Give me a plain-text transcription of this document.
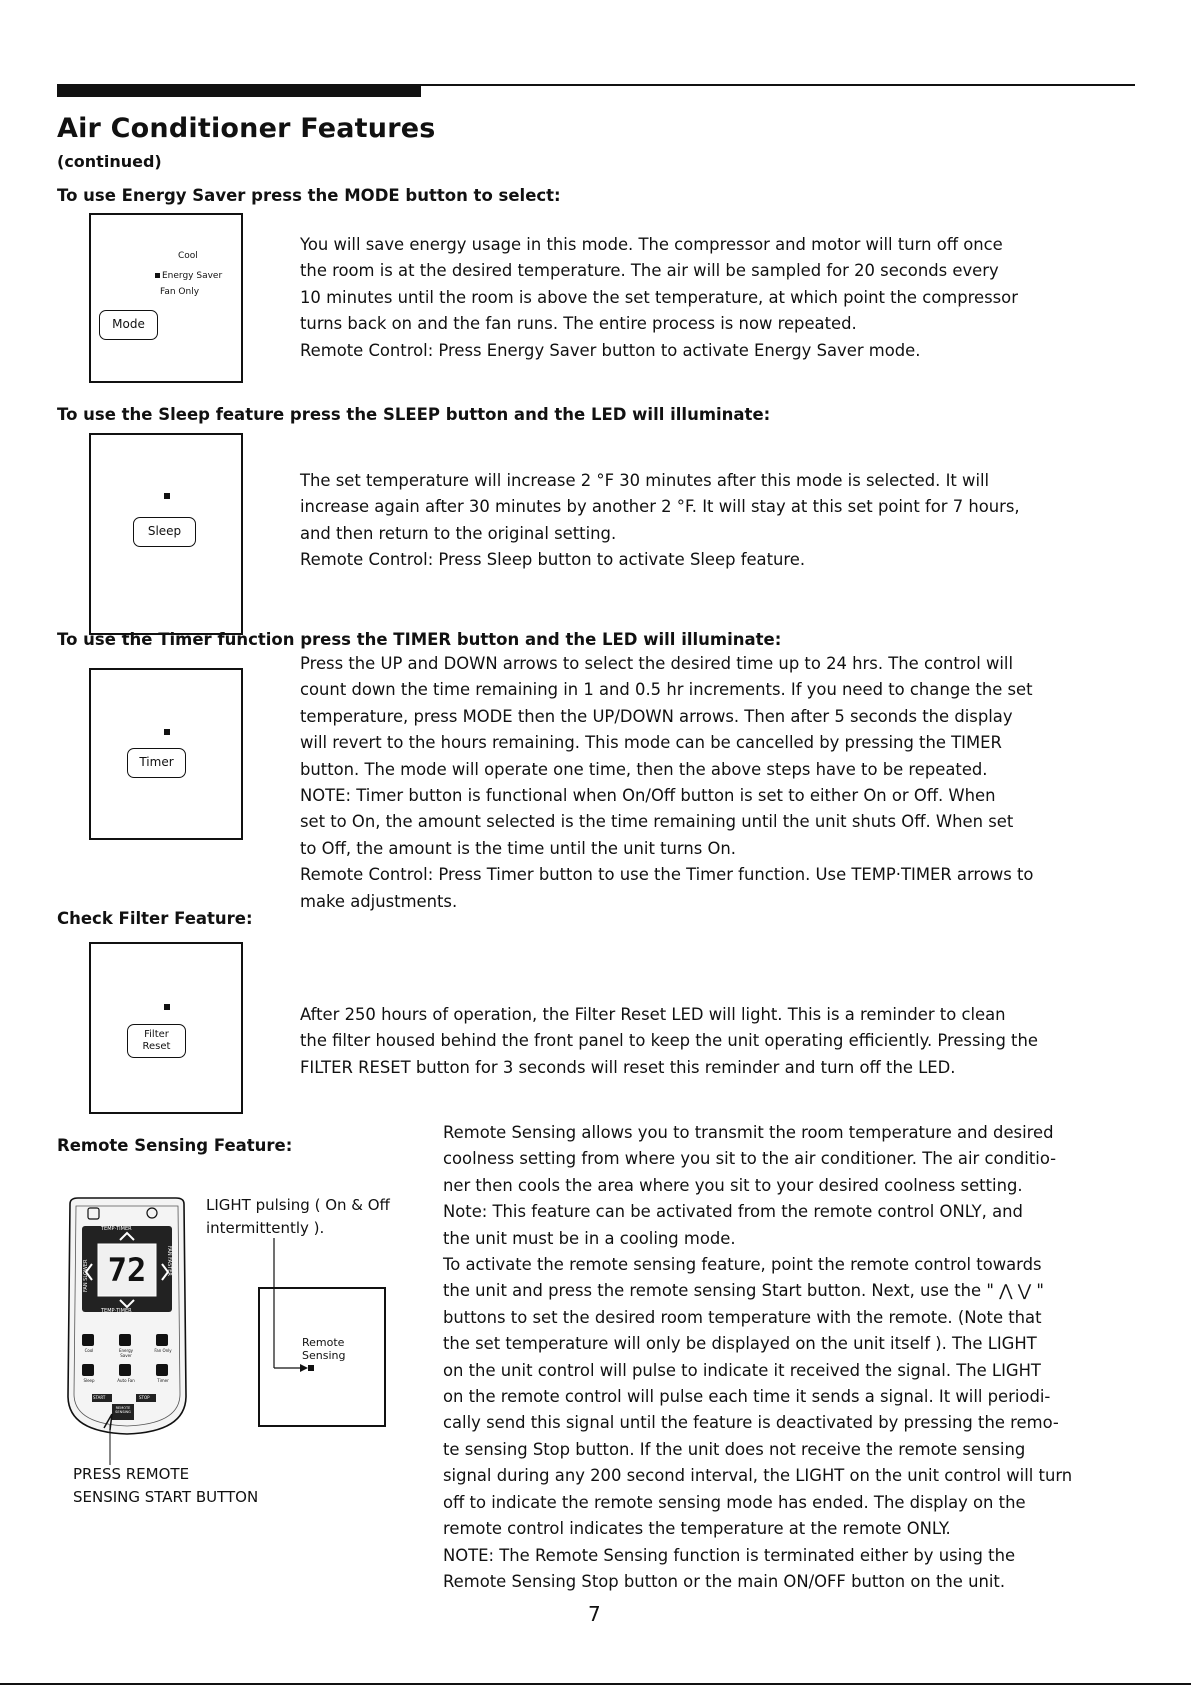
Air Conditioner Features
(continued)
To use Energy Saver press the MODE button to select:
Cool
Energy Saver
Fan Only
Mode

You will save energy usage in this mode. The compressor and motor will turn off once

the room is at the desired temperature. The air will be sampled for 20 seconds every

10 minutes until the room is above the set temperature, at which point the compressor

turns back on and the fan runs. The entire process is now repeated.

Remote Control: Press Energy Saver button to activate Energy Saver mode.

To use the Sleep feature press the SLEEP button and the LED will illuminate:
Sleep

The set temperature will increase 2 °F 30 minutes after this mode is selected. It will

increase again after 30 minutes by another 2 °F. It will stay at this set point for 7 hours,

and then return to the original setting.

Remote Control: Press Sleep button to activate Sleep feature.

To use the Timer function press the TIMER button and the LED will illuminate:
Timer

Press the UP and DOWN arrows to select the desired time up to 24 hrs. The control will

count down the time remaining in 1 and 0.5 hr increments. If you need to change the set

temperature, press MODE then the UP/DOWN arrows. Then after 5 seconds the display

will revert to the hours remaining. This mode can be cancelled by pressing the TIMER

button. The mode will operate one time, then the above steps have to be repeated.

NOTE: Timer button is functional when On/Off button is set to either On or Off. When

set to On, the amount selected is the time remaining until the unit shuts Off. When set

to Off, the amount is the time until the unit turns On.

Remote Control: Press Timer button to use the Timer function. Use TEMP·TIMER arrows to

make adjustments.

Check Filter Feature:
Filter
Reset

After 250 hours of operation, the Filter Reset LED will light. This is a reminder to clean

the filter housed behind the front panel to keep the unit operating efficiently. Pressing the

FILTER RESET button for 3 seconds will reset this reminder and turn off the LED.

Remote Sensing Feature:
TEMP·TIMER
TEMP·TIMER
FAN SLOWER	FAN FASTER
72
Cool	Energy Saver
Fan Only
Sleep	Auto Fan	Timer
START	STOP
REMOTE SENSING
LIGHT pulsing ( On & Off
intermittently ).
Remote
Sensing
PRESS REMOTE
SENSING START BUTTON

Remote Sensing allows you to transmit the room temperature and desired

coolness setting from where you sit to the air conditioner. The air conditio-

ner then cools the area where you sit to your desired coolness setting.

Note: This feature can be activated from the remote control ONLY, and

the unit must be in a cooling mode.

To activate the remote sensing feature, point the remote control towards

the unit and press the remote sensing Start button. Next, use the " ⋀ ⋁ "

buttons to set the desired room temperature with the remote. (Note that

the set temperature will only be displayed on the unit itself ). The LIGHT

on the unit control will pulse to indicate it received the signal. The LIGHT

on the remote control will pulse each time it sends a signal. It will periodi-

cally send this signal until the feature is deactivated by pressing the remo-

te sensing Stop button. If the unit does not receive the remote sensing

signal during any 200 second interval, the LIGHT on the unit control will turn

off to indicate the remote sensing mode has ended. The display on the

remote control indicates the temperature at the remote ONLY.

NOTE: The Remote Sensing function is terminated either by using the

Remote Sensing Stop button or the main ON/OFF button on the unit.

7
